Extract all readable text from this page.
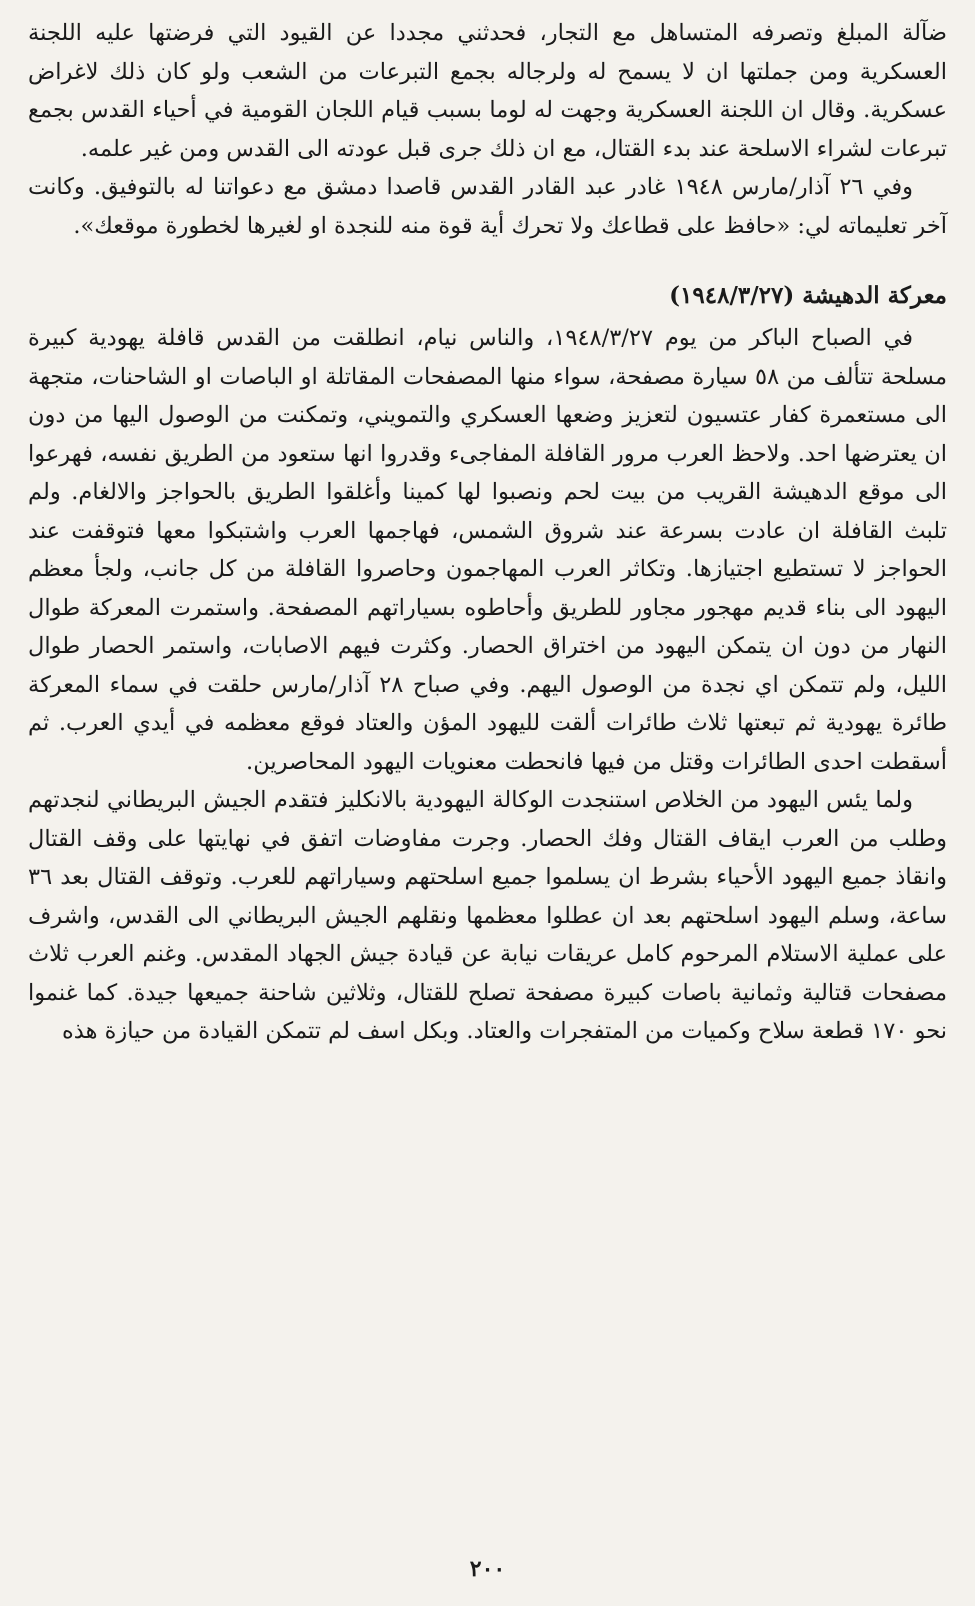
ضآلة المبلغ وتصرفه المتساهل مع التجار، فحدثني مجددا عن القيود التي فرضتها عليه اللجنة العسكرية ومن جملتها ان لا يسمح له ولرجاله بجمع التبرعات من الشعب ولو كان ذلك لاغراض عسكرية. وقال ان اللجنة العسكرية وجهت له لوما بسبب قيام اللجان القومية في أحياء القدس بجمع تبرعات لشراء الاسلحة عند بدء القتال، مع ان ذلك جرى قبل عودته الى القدس ومن غير علمه.

وفي ٢٦ آذار/مارس ١٩٤٨ غادر عبد القادر القدس قاصدا دمشق مع دعواتنا له بالتوفيق. وكانت آخر تعليماته لي: «حافظ على قطاعك ولا تحرك أية قوة منه للنجدة او لغيرها لخطورة موقعك».

معركة الدهيشة (١٩٤٨/٣/٢٧)

في الصباح الباكر من يوم ١٩٤٨/٣/٢٧، والناس نيام، انطلقت من القدس قافلة يهودية كبيرة مسلحة تتألف من ٥٨ سيارة مصفحة، سواء منها المصفحات المقاتلة او الباصات او الشاحنات، متجهة الى مستعمرة كفار عتسيون لتعزيز وضعها العسكري والتمويني، وتمكنت من الوصول اليها من دون ان يعترضها احد. ولاحظ العرب مرور القافلة المفاجىء وقدروا انها ستعود من الطريق نفسه، فهرعوا الى موقع الدهيشة القريب من بيت لحم ونصبوا لها كمينا وأغلقوا الطريق بالحواجز والالغام. ولم تلبث القافلة ان عادت بسرعة عند شروق الشمس، فهاجمها العرب واشتبكوا معها فتوقفت عند الحواجز لا تستطيع اجتيازها. وتكاثر العرب المهاجمون وحاصروا القافلة من كل جانب، ولجأ معظم اليهود الى بناء قديم مهجور مجاور للطريق وأحاطوه بسياراتهم المصفحة. واستمرت المعركة طوال النهار من دون ان يتمكن اليهود من اختراق الحصار. وكثرت فيهم الاصابات، واستمر الحصار طوال الليل، ولم تتمكن اي نجدة من الوصول اليهم. وفي صباح ٢٨ آذار/مارس حلقت في سماء المعركة طائرة يهودية ثم تبعتها ثلاث طائرات ألقت لليهود المؤن والعتاد فوقع معظمه في أيدي العرب. ثم أسقطت احدى الطائرات وقتل من فيها فانحطت معنويات اليهود المحاصرين.

ولما يئس اليهود من الخلاص استنجدت الوكالة اليهودية بالانكليز فتقدم الجيش البريطاني لنجدتهم وطلب من العرب ايقاف القتال وفك الحصار. وجرت مفاوضات اتفق في نهايتها على وقف القتال وانقاذ جميع اليهود الأحياء بشرط ان يسلموا جميع اسلحتهم وسياراتهم للعرب. وتوقف القتال بعد ٣٦ ساعة، وسلم اليهود اسلحتهم بعد ان عطلوا معظمها ونقلهم الجيش البريطاني الى القدس، واشرف على عملية الاستلام المرحوم كامل عريقات نيابة عن قيادة جيش الجهاد المقدس. وغنم العرب ثلاث مصفحات قتالية وثمانية باصات كبيرة مصفحة تصلح للقتال، وثلاثين شاحنة جميعها جيدة. كما غنموا نحو ١٧٠ قطعة سلاح وكميات من المتفجرات والعتاد. وبكل اسف لم تتمكن القيادة من حيازة هذه

٢٠٠
